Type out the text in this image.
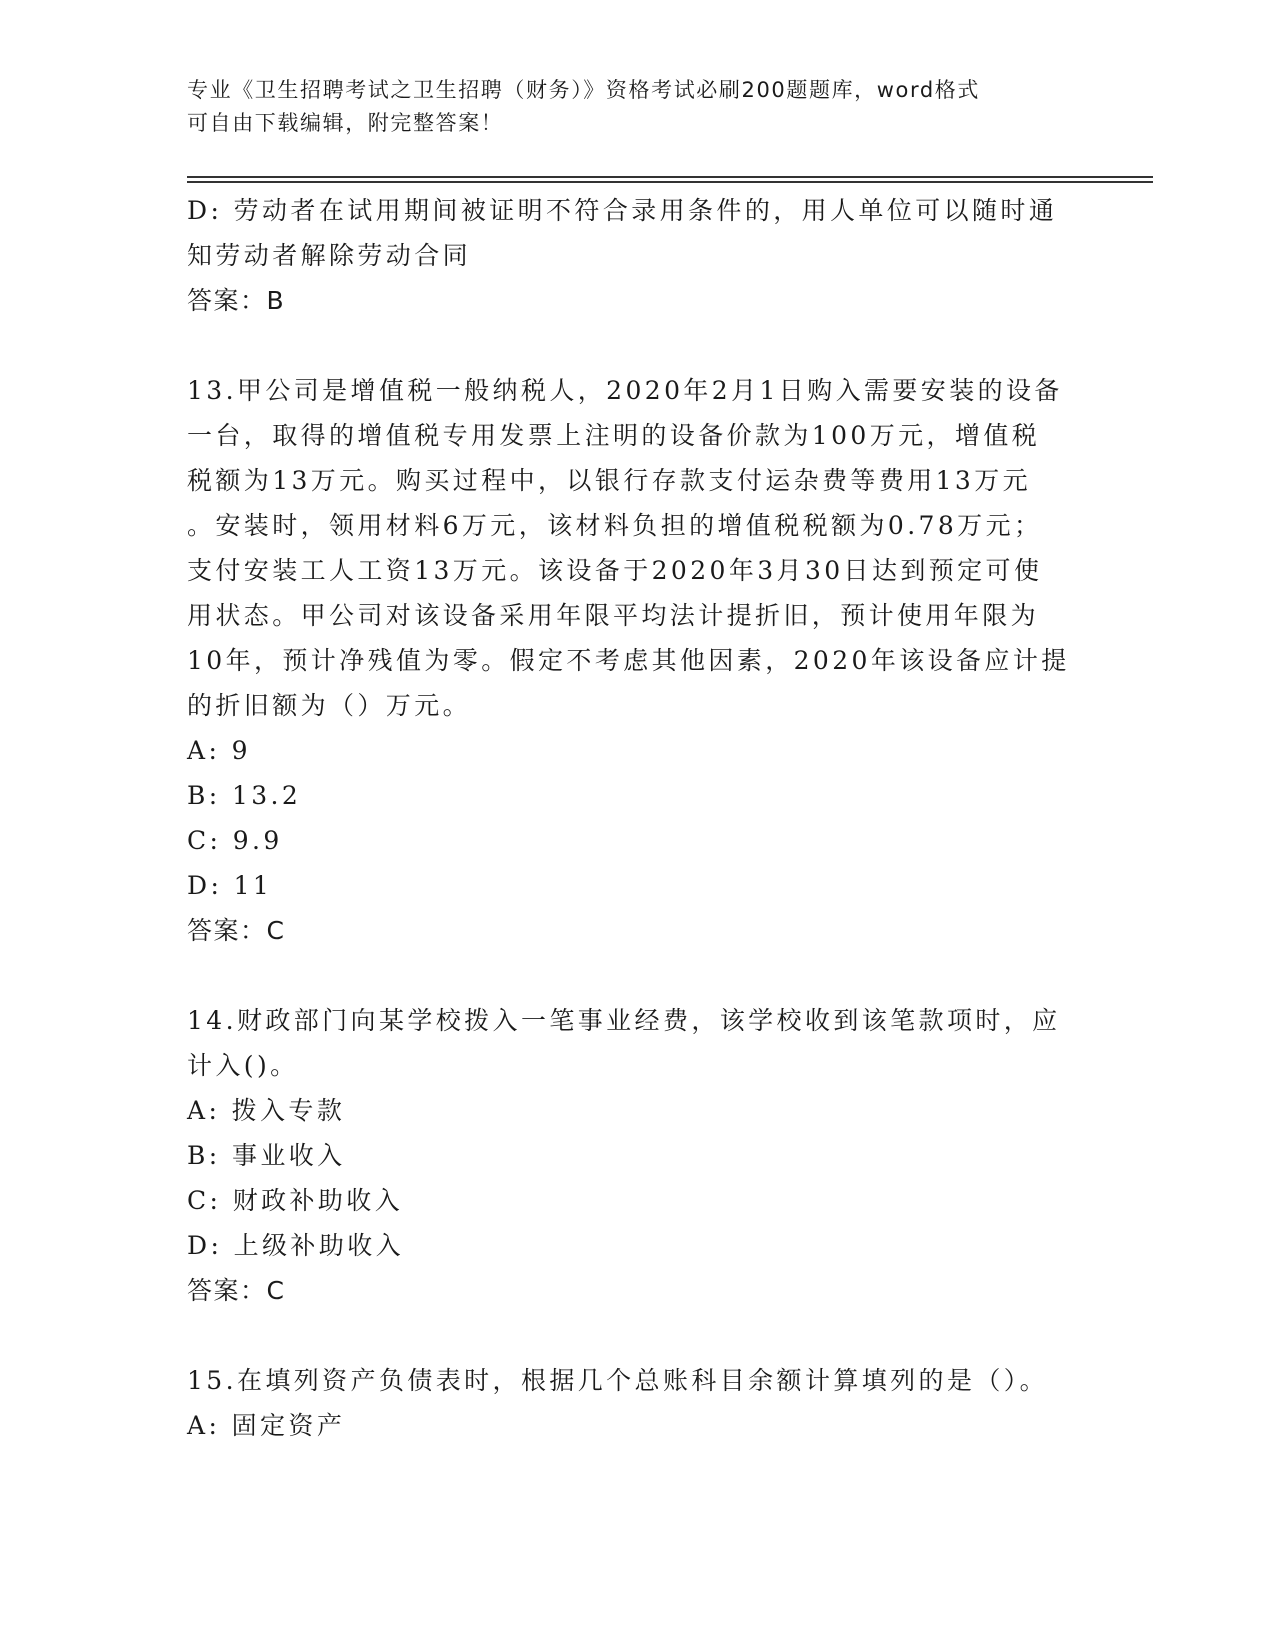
专业《卫生招聘考试之卫生招聘（财务）》资格考试必刷200题题库，word格式

可自由下载编辑，附完整答案！

D: 劳动者在试用期间被证明不符合录用条件的，用人单位可以随时通

知劳动者解除劳动合同

答案：B

13.甲公司是增值税一般纳税人，2020年2月1日购入需要安装的设备

一台，取得的增值税专用发票上注明的设备价款为100万元，增值税

税额为13万元。购买过程中，以银行存款支付运杂费等费用13万元

。安装时，领用材料6万元，该材料负担的增值税税额为0.78万元；

支付安装工人工资13万元。该设备于2020年3月30日达到预定可使

用状态。甲公司对该设备采用年限平均法计提折旧，预计使用年限为

10年，预计净残值为零。假定不考虑其他因素，2020年该设备应计提

的折旧额为（）万元。

A: 9

B: 13.2

C: 9.9

D: 11

答案：C

14.财政部门向某学校拨入一笔事业经费，该学校收到该笔款项时，应

计入()。

A: 拨入专款

B: 事业收入

C: 财政补助收入

D: 上级补助收入

答案：C

15.在填列资产负债表时，根据几个总账科目余额计算填列的是（）。

A: 固定资产
